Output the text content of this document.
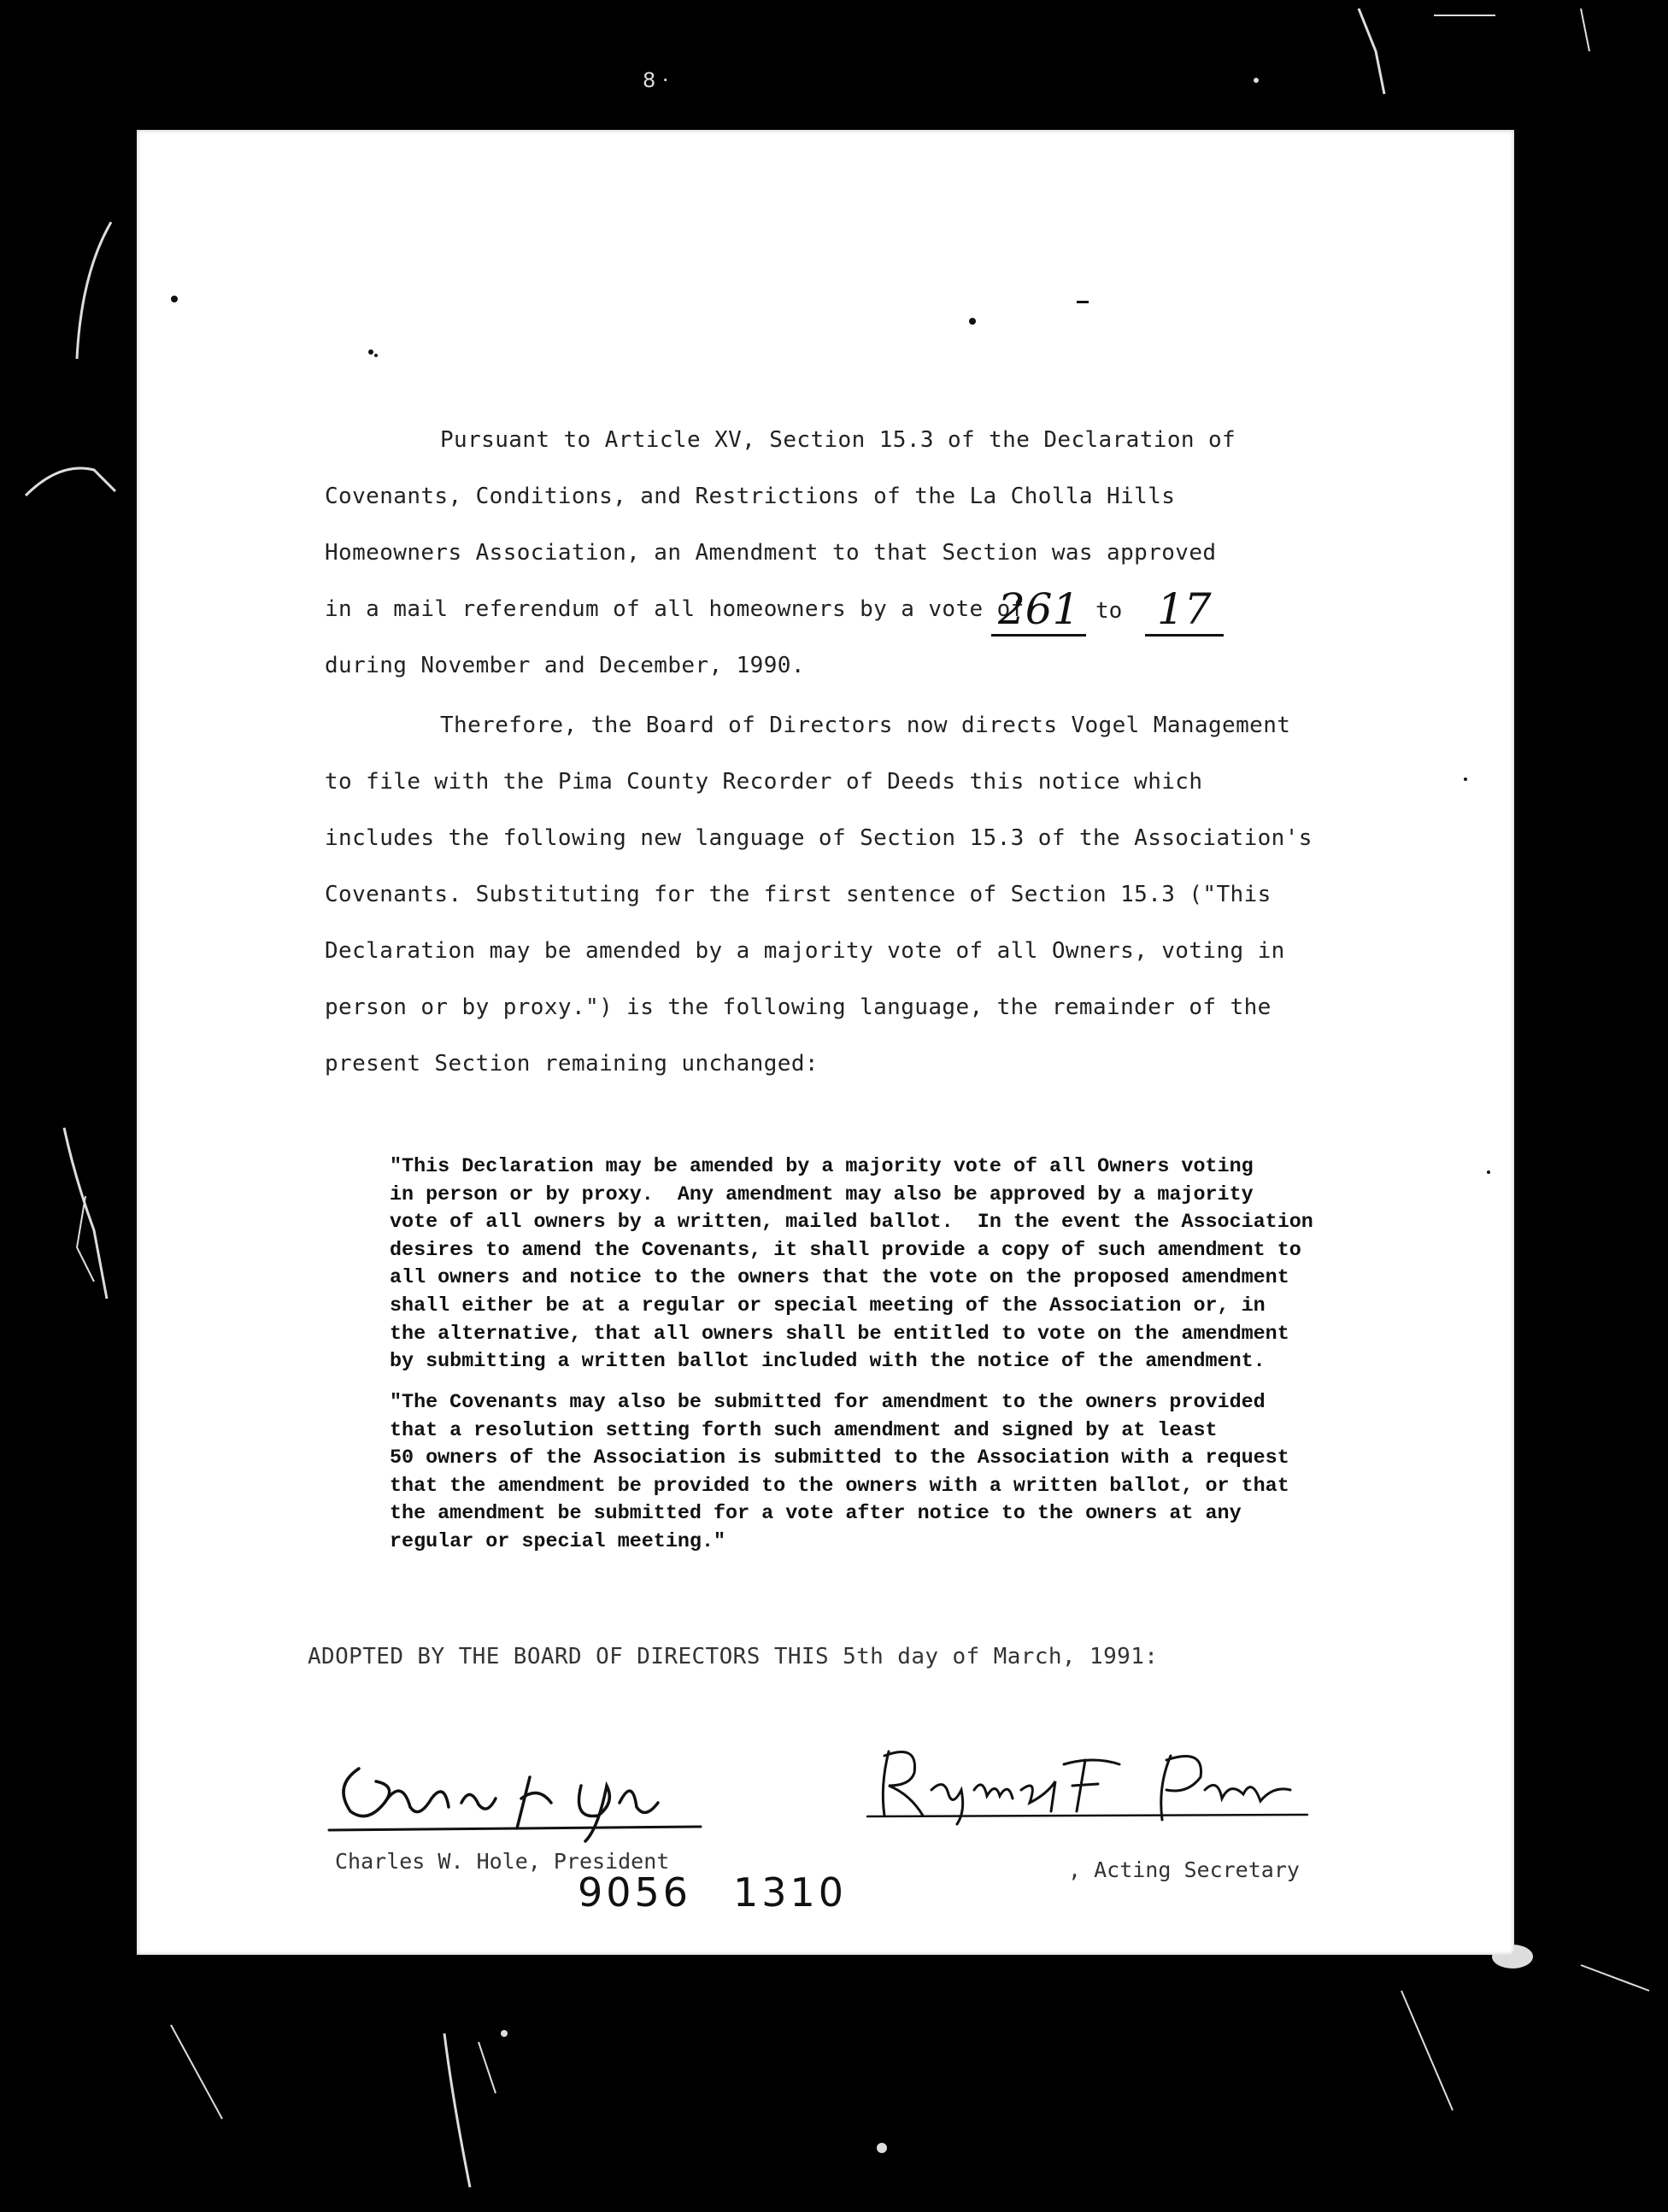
8 ·
Pursuant to Article XV, Section 15.3 of the Declaration of
Covenants, Conditions, and Restrictions of the La Cholla Hills
Homeowners Association, an Amendment to that Section was approved
in a mail referendum of all homeowners by a vote of
during November and December, 1990.
261 to 17
Therefore, the Board of Directors now directs Vogel Management
to file with the Pima County Recorder of Deeds this notice which
includes the following new language of Section 15.3 of the Association's
Covenants. Substituting for the first sentence of Section 15.3 ("This
Declaration may be amended by a majority vote of all Owners, voting in
person or by proxy.") is the following language, the remainder of the
present Section remaining unchanged:
"This Declaration may be amended by a majority vote of all Owners voting
in person or by proxy.  Any amendment may also be approved by a majority
vote of all owners by a written, mailed ballot.  In the event the Association
desires to amend the Covenants, it shall provide a copy of such amendment to
all owners and notice to the owners that the vote on the proposed amendment
shall either be at a regular or special meeting of the Association or, in
the alternative, that all owners shall be entitled to vote on the amendment
by submitting a written ballot included with the notice of the amendment.
"The Covenants may also be submitted for amendment to the owners provided
that a resolution setting forth such amendment and signed by at least
50 owners of the Association is submitted to the Association with a request
that the amendment be provided to the owners with a written ballot, or that
the amendment be submitted for a vote after notice to the owners at any
regular or special meeting."
ADOPTED BY THE BOARD OF DIRECTORS THIS 5th day of March, 1991:
Charles W. Hole, President	, Acting Secretary
9056 1310
